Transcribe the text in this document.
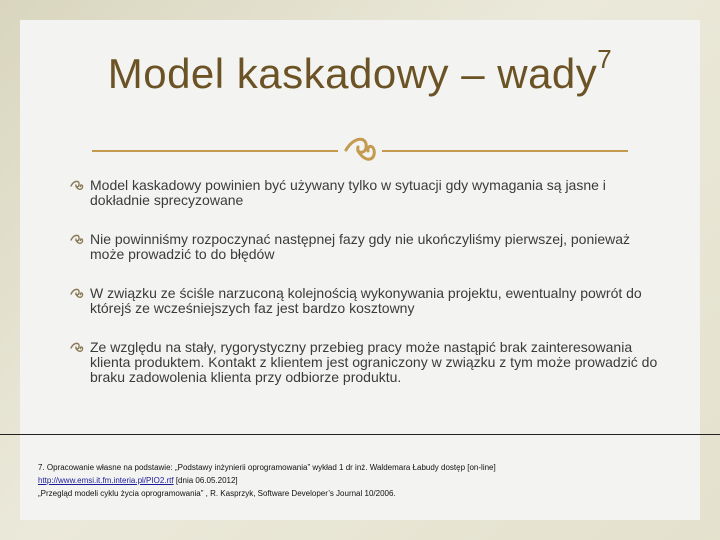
Model kaskadowy – wady$^7$
Model kaskadowy powinien być używany tylko w sytuacji gdy wymagania są jasne i dokładnie sprecyzowane
Nie powinniśmy rozpoczynać następnej fazy gdy nie ukończyliśmy pierwszej, ponieważ może prowadzić to do błędów
W związku ze ściśle narzuconą kolejnością wykonywania projektu, ewentualny powrót do którejś ze wcześniejszych faz jest bardzo kosztowny
Ze względu na stały, rygorystyczny przebieg pracy może nastąpić brak zainteresowania klienta produktem. Kontakt z klientem jest ograniczony w związku z tym może prowadzić do braku zadowolenia klienta przy odbiorze produktu.
7. Opracowanie własne na podstawie: „Podstawy inżynierii oprogramowania” wykład 1 dr inż. Waldemara Łabudy dostęp [on-line]
http://www.emsi.it.fm.interia.pl/PIO2.rtf [dnia 06.05.2012]
„Przegląd modeli cyklu życia oprogramowania” , R. Kasprzyk, Software Developer’s Journal 10/2006.
